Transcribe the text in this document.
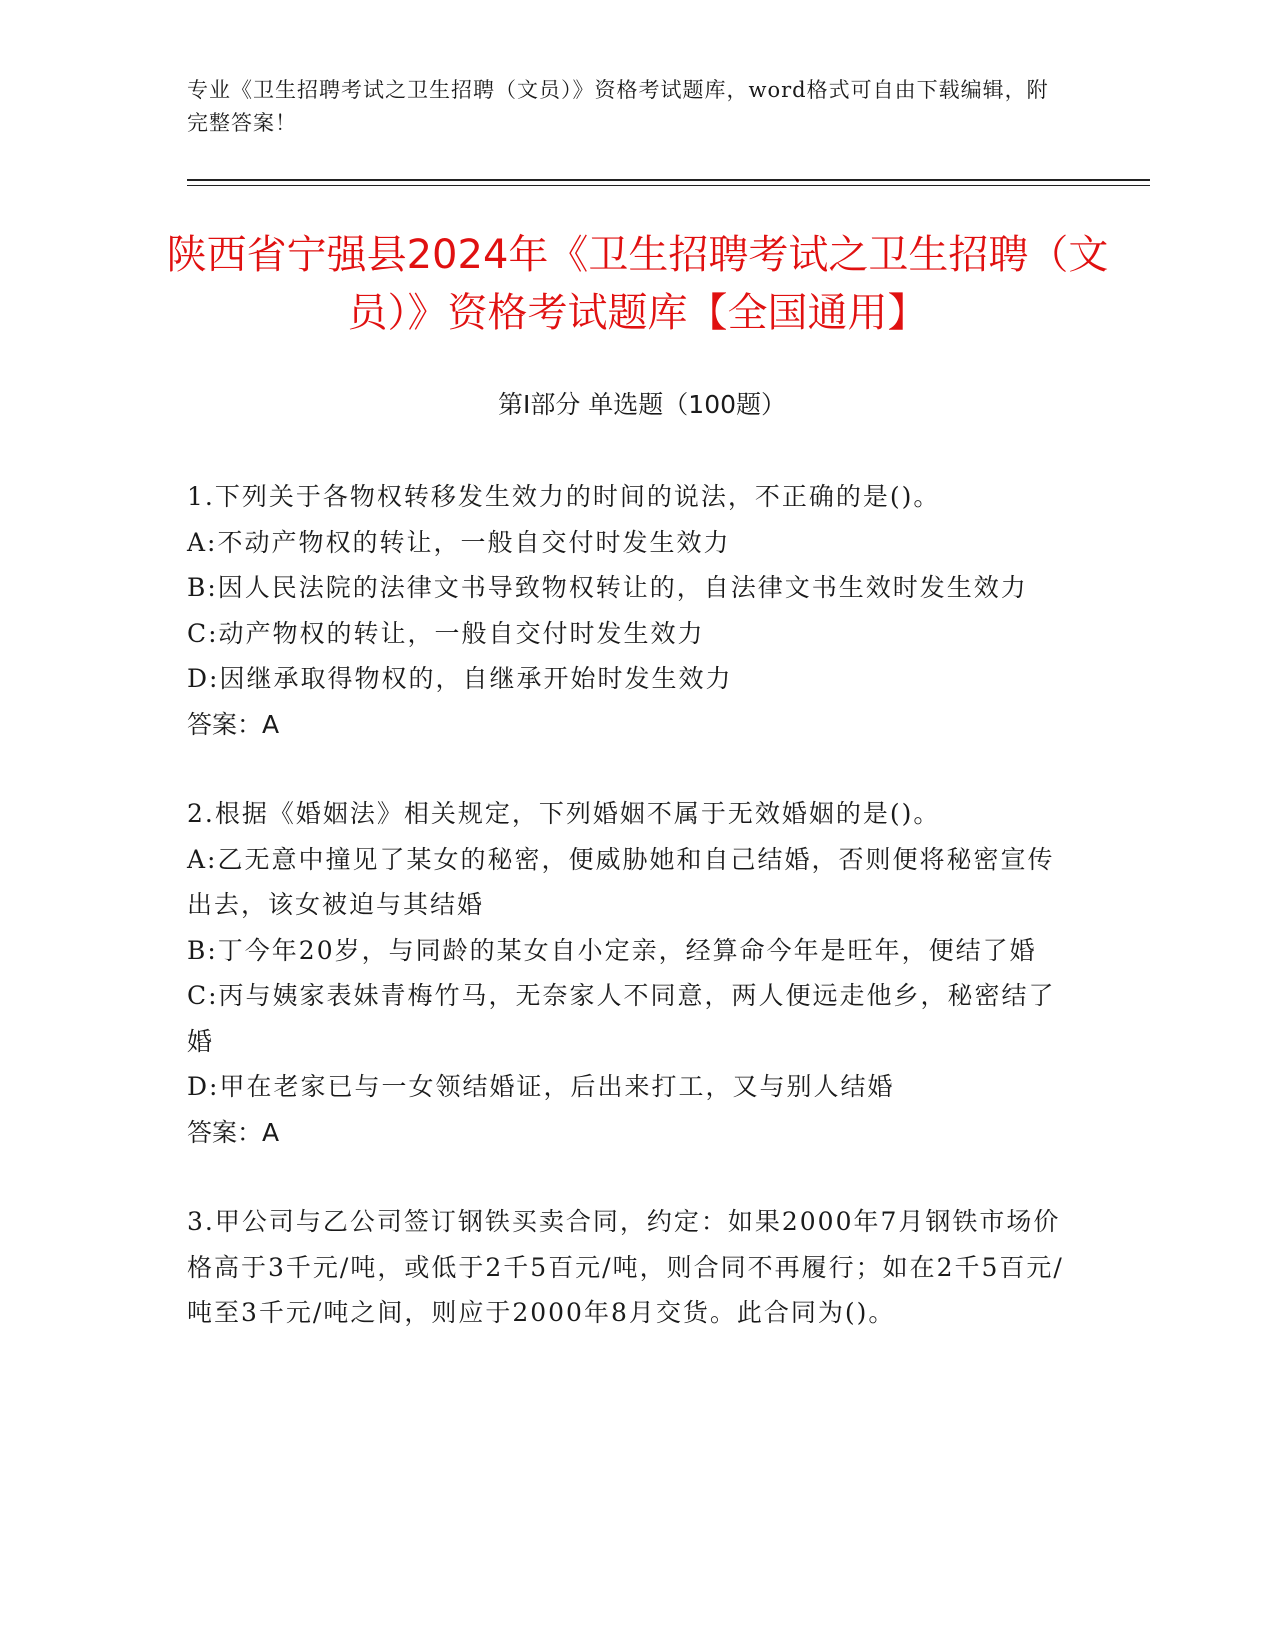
专业《卫生招聘考试之卫生招聘（文员）》资格考试题库，word格式可自由下载编辑，附完整答案！
陕西省宁强县2024年《卫生招聘考试之卫生招聘（文员）》资格考试题库【全国通用】
第Ⅰ部分 单选题（100题）
1.下列关于各物权转移发生效力的时间的说法，不正确的是()。
A:不动产物权的转让，一般自交付时发生效力
B:因人民法院的法律文书导致物权转让的，自法律文书生效时发生效力
C:动产物权的转让，一般自交付时发生效力
D:因继承取得物权的，自继承开始时发生效力
答案：A
2.根据《婚姻法》相关规定，下列婚姻不属于无效婚姻的是()。
A:乙无意中撞见了某女的秘密，便威胁她和自己结婚，否则便将秘密宣传出去，该女被迫与其结婚
B:丁今年20岁，与同龄的某女自小定亲，经算命今年是旺年，便结了婚
C:丙与姨家表妹青梅竹马，无奈家人不同意，两人便远走他乡，秘密结了婚
D:甲在老家已与一女领结婚证，后出来打工，又与别人结婚
答案：A
3.甲公司与乙公司签订钢铁买卖合同，约定：如果2000年7月钢铁市场价格高于3千元/吨，或低于2千5百元/吨，则合同不再履行；如在2千5百元/吨至3千元/吨之间，则应于2000年8月交货。此合同为()。
